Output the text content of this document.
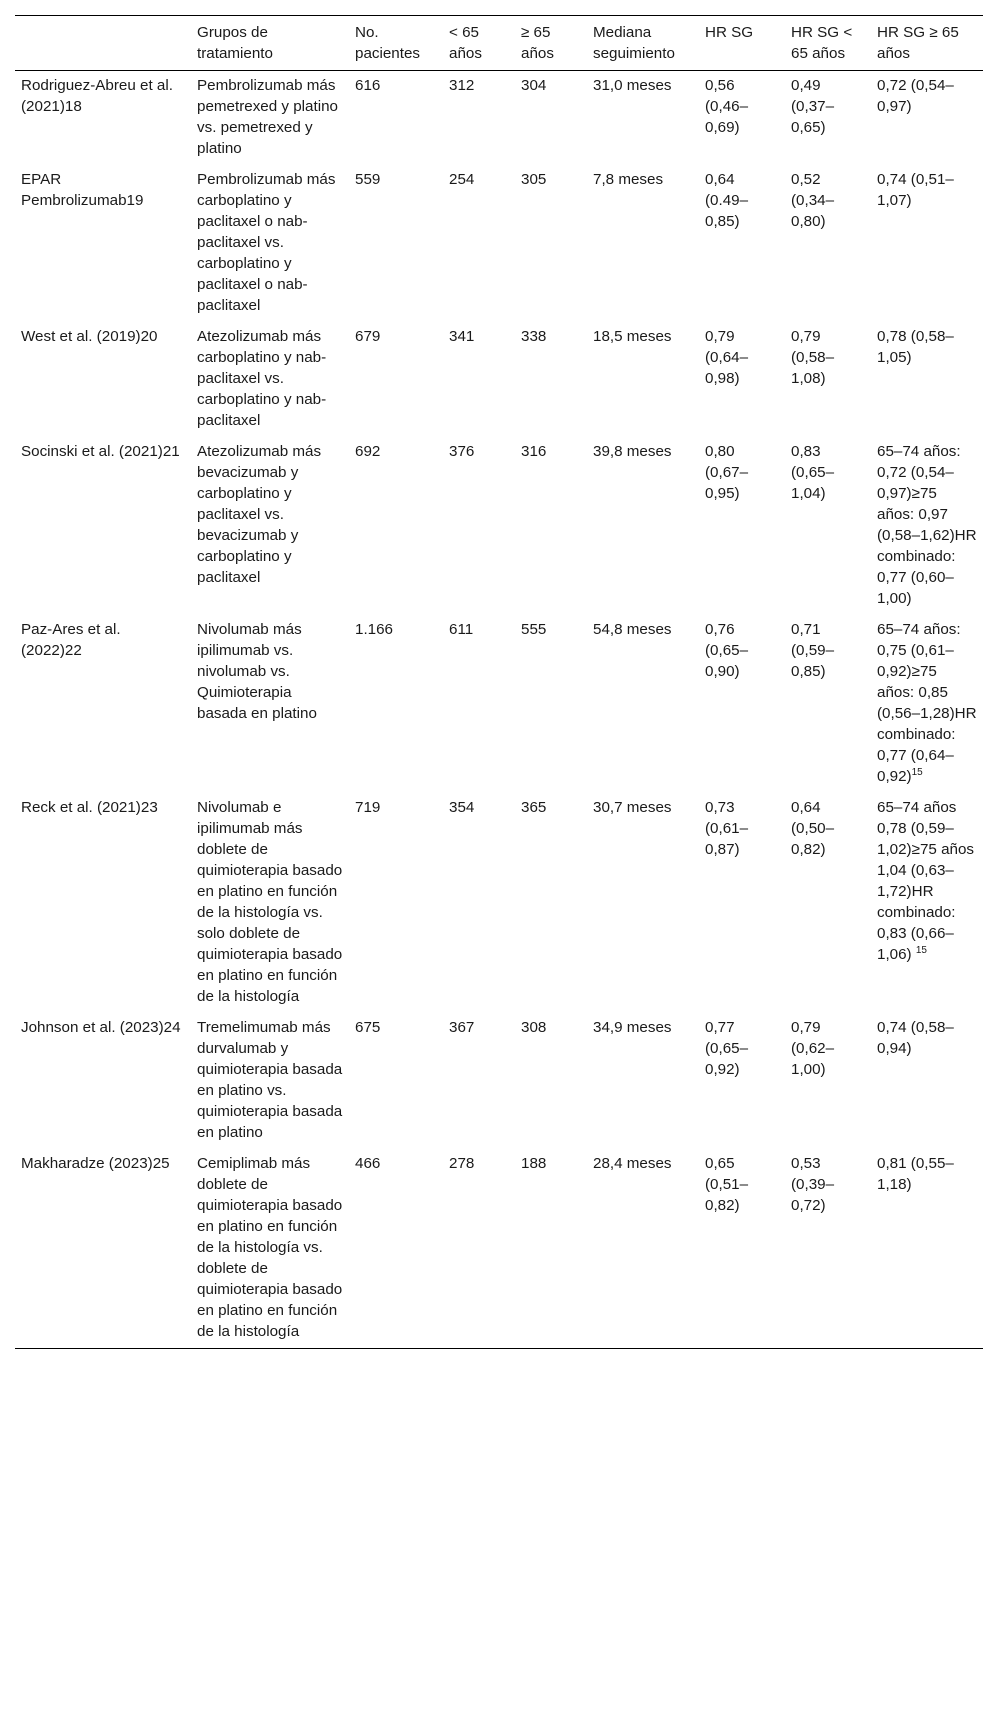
	Grupos de tratamiento	No. pacientes	< 65 años	≥ 65 años	Mediana seguimiento	HR SG	HR SG < 65 años	HR SG ≥ 65 años
Rodriguez-Abreu et al. (2021)18	Pembrolizumab más pemetrexed y platino vs. pemetrexed y platino	616	312	304	31,0 meses	0,56 (0,46–0,69)	0,49 (0,37–0,65)	0,72 (0,54–0,97)
EPAR Pembrolizumab19	Pembrolizumab más carboplatino y paclitaxel o nab-paclitaxel vs. carboplatino y paclitaxel o nab-paclitaxel	559	254	305	7,8 meses	0,64 (0.49–0,85)	0,52 (0,34–0,80)	0,74 (0,51–1,07)
West et al. (2019)20	Atezolizumab más carboplatino y nab-paclitaxel vs. carboplatino y nab-paclitaxel	679	341	338	18,5 meses	0,79 (0,64–0,98)	0,79 (0,58–1,08)	0,78 (0,58–1,05)
Socinski et al. (2021)21	Atezolizumab más bevacizumab y carboplatino y paclitaxel vs. bevacizumab y carboplatino y paclitaxel	692	376	316	39,8 meses	0,80 (0,67–0,95)	0,83 (0,65–1,04)	65–74 años: 0,72 (0,54–0,97)≥75 años: 0,97 (0,58–1,62)HR combinado: 0,77 (0,60–1,00)
Paz-Ares et al. (2022)22	Nivolumab más ipilimumab vs. nivolumab vs. Quimioterapia basada en platino	1.166	611	555	54,8 meses	0,76 (0,65–0,90)	0,71 (0,59–0,85)	65–74 años: 0,75 (0,61–0,92)≥75 años: 0,85 (0,56–1,28)HR combinado: 0,77 $(0,64-0,92)^{15}$
Reck et al. (2021)23	Nivolumab e ipilimumab más doblete de quimioterapia basado en platino en función de la histología vs. solo doblete de quimioterapia basado en platino en función de la histología	719	354	365	30,7 meses	0,73 (0,61–0,87)	0,64 (0,50–0,82)	65–74 años 0,78 (0,59–1,02)≥75 años 1,04 (0,63–1,72)HR combinado: 0,83 (0,66–1,06) $^{15}$
Johnson et al. (2023)24	Tremelimumab más durvalumab y quimioterapia basada en platino vs. quimioterapia basada en platino	675	367	308	34,9 meses	0,77 (0,65–0,92)	0,79 (0,62–1,00)	0,74 (0,58–0,94)
Makharadze (2023)25	Cemiplimab más doblete de quimioterapia basado en platino en función de la histología vs. doblete de quimioterapia basado en platino en función de la histología	466	278	188	28,4 meses	0,65 (0,51–0,82)	0,53 (0,39–0,72)	0,81 (0,55–1,18)
